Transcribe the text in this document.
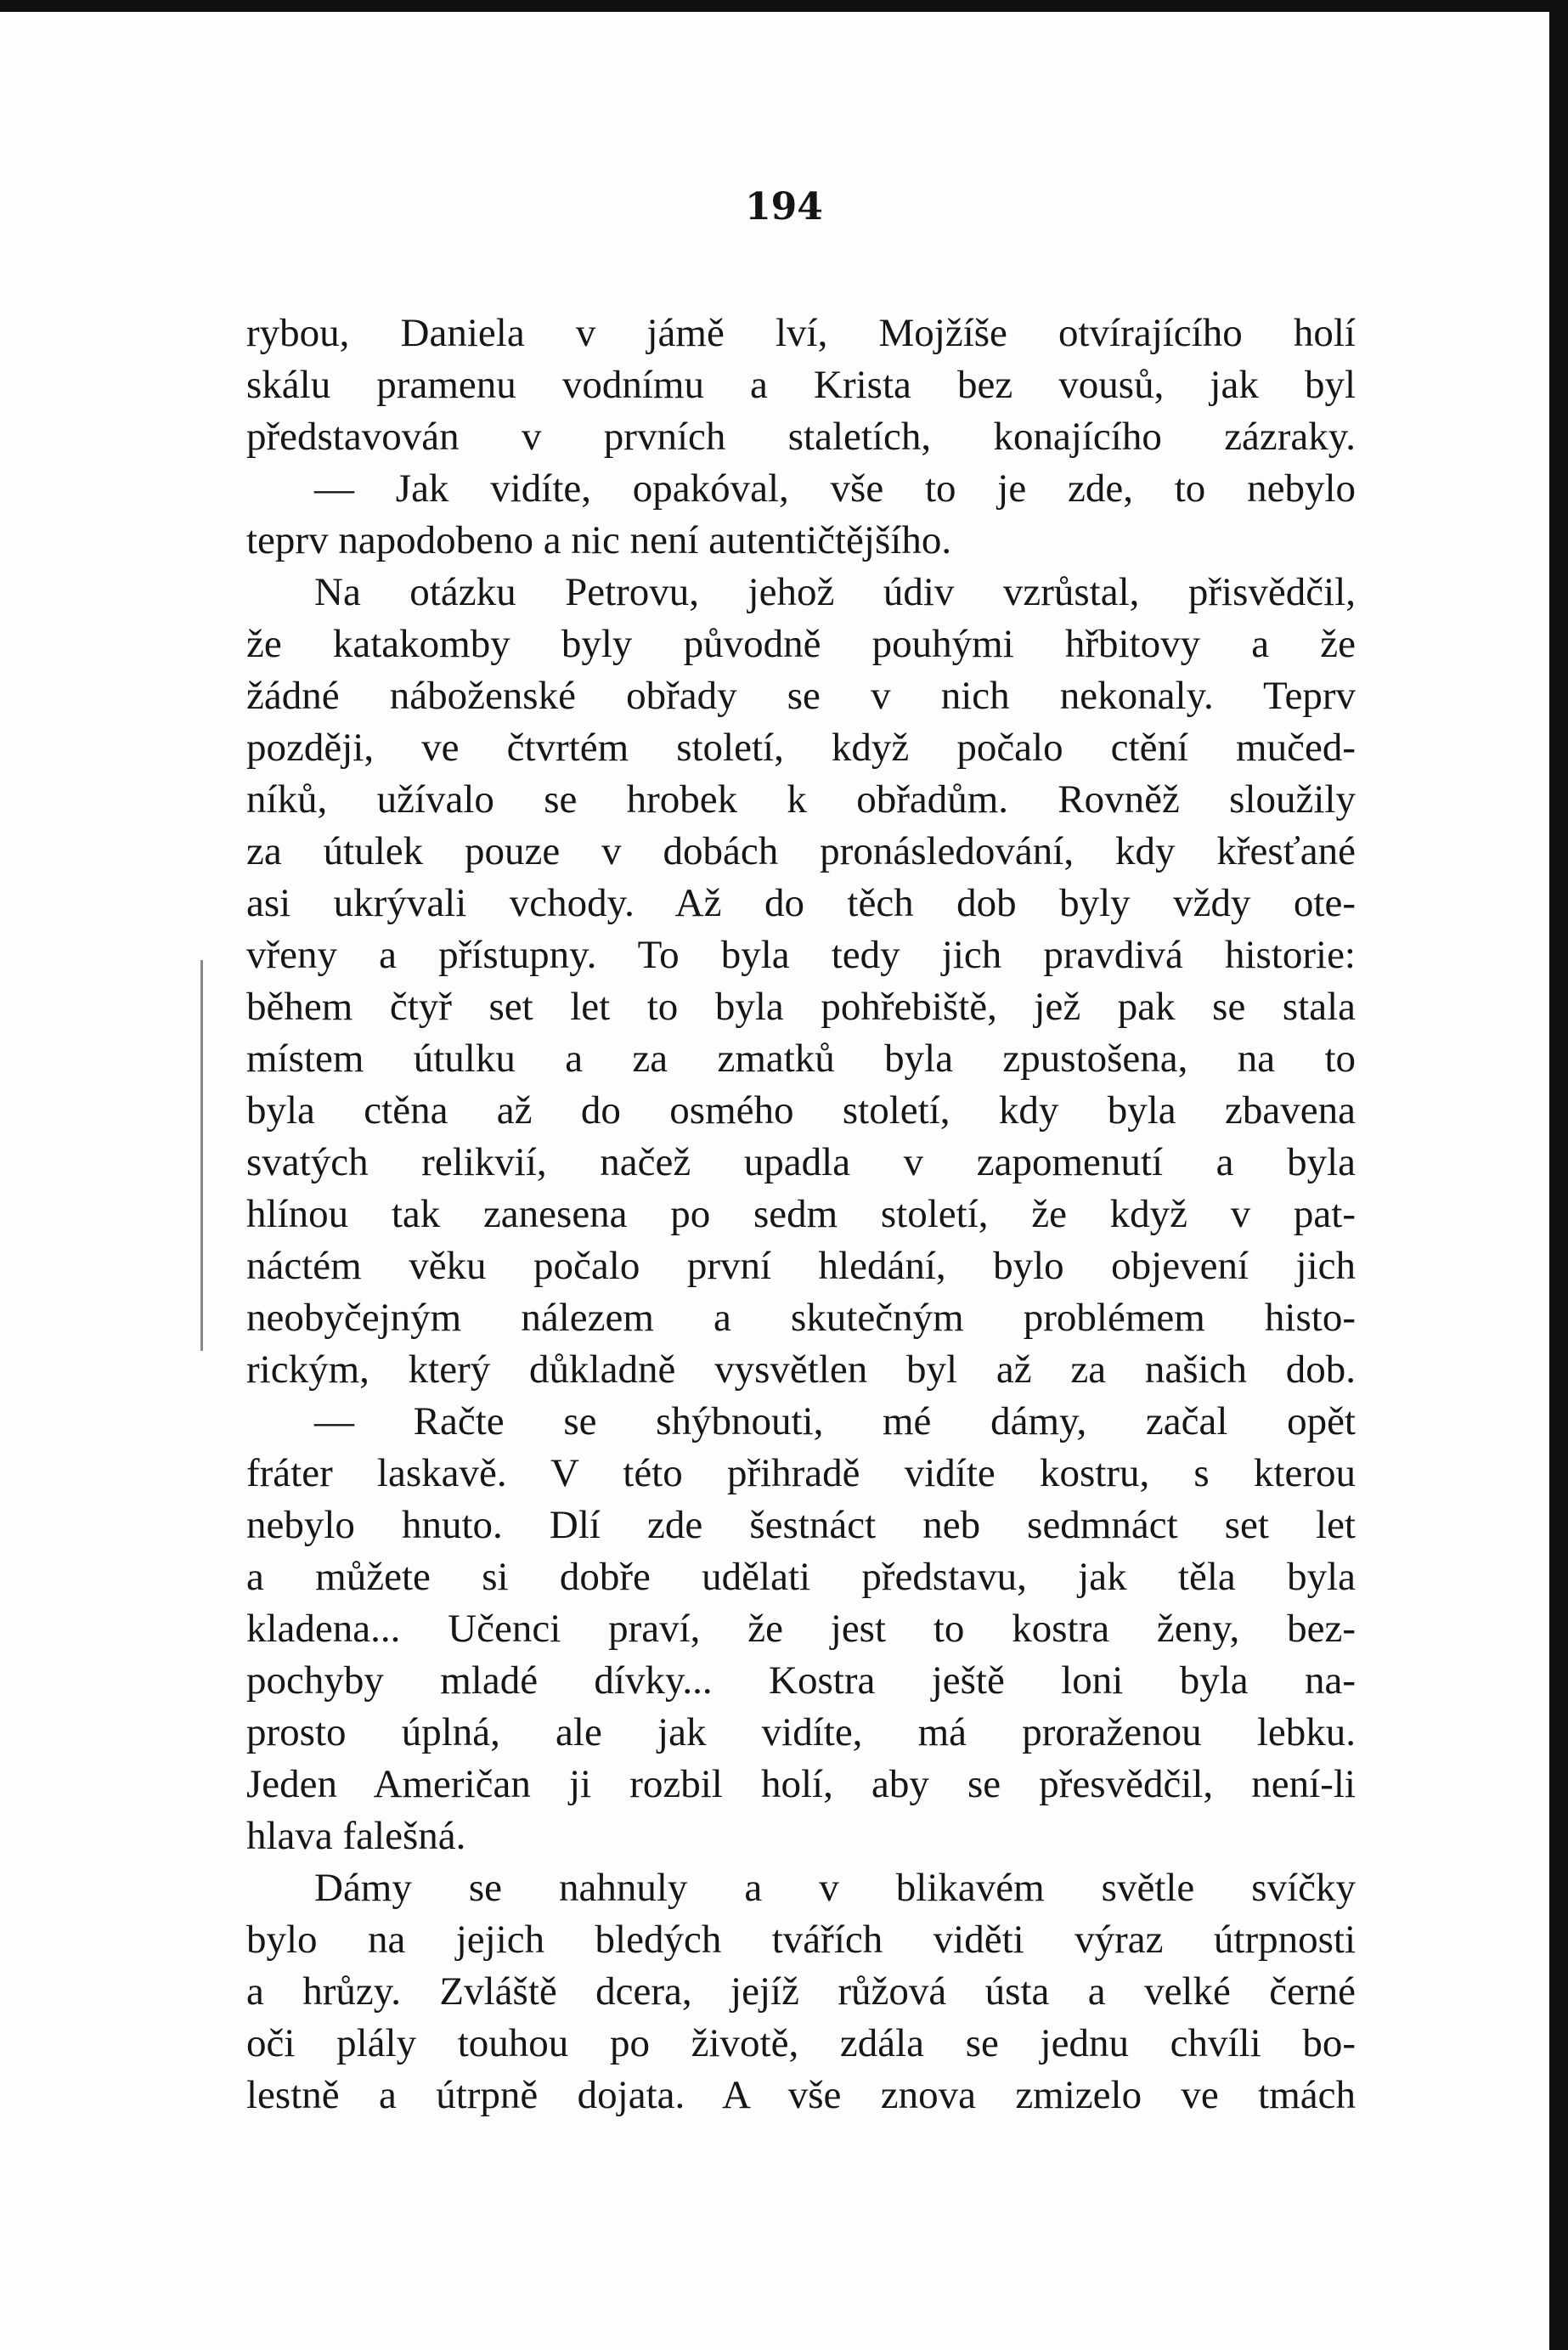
194
rybou, Daniela v jámě lví, Mojžíše otvírajícího holí
skálu pramenu vodnímu a Krista bez vousů, jak byl
představován v prvních staletích, konajícího zázraky.
— Jak vidíte, opakóval, vše to je zde, to nebylo
teprv napodobeno a nic není autentičtějšího.
Na otázku Petrovu, jehož údiv vzrůstal, přisvědčil,
že katakomby byly původně pouhými hřbitovy a že
žádné náboženské obřady se v nich nekonaly. Teprv
později, ve čtvrtém století, když počalo ctění mučed-
níků, užívalo se hrobek k obřadům. Rovněž sloužily
za útulek pouze v dobách pronásledování, kdy křesťané
asi ukrývali vchody. Až do těch dob byly vždy ote-
vřeny a přístupny. To byla tedy jich pravdivá historie:
během čtyř set let to byla pohřebiště, jež pak se stala
místem útulku a za zmatků byla zpustošena, na to
byla ctěna až do osmého století, kdy byla zbavena
svatých relikvií, načež upadla v zapomenutí a byla
hlínou tak zanesena po sedm století, že když v pat-
náctém věku počalo první hledání, bylo objevení jich
neobyčejným nálezem a skutečným problémem histo-
rickým, který důkladně vysvětlen byl až za našich dob.
— Račte se shýbnouti, mé dámy, začal opět
fráter laskavě. V této přihradě vidíte kostru, s kterou
nebylo hnuto. Dlí zde šestnáct neb sedmnáct set let
a můžete si dobře udělati představu, jak těla byla
kladena... Učenci praví, že jest to kostra ženy, bez-
pochyby mladé dívky... Kostra ještě loni byla na-
prosto úplná, ale jak vidíte, má proraženou lebku.
Jeden Američan ji rozbil holí, aby se přesvědčil, není-li
hlava falešná.
Dámy se nahnuly a v blikavém světle svíčky
bylo na jejich bledých tvářích viděti výraz útrpnosti
a hrůzy. Zvláště dcera, jejíž růžová ústa a velké černé
oči plály touhou po životě, zdála se jednu chvíli bo-
lestně a útrpně dojata. A vše znova zmizelo ve tmách
